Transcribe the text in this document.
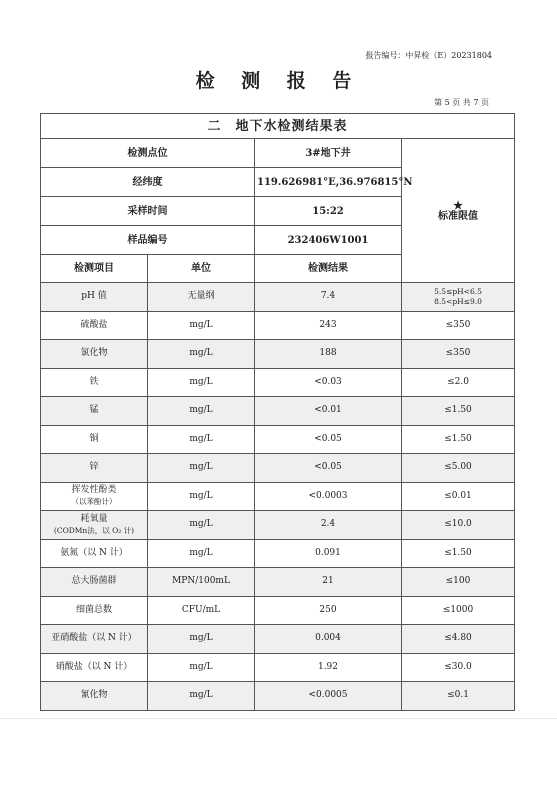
报告编号：中昇检（E）20231804
检 测 报 告
第 5 页 共 7 页
二　地下水检测结果表			
检测点位		3#地下井	★
标准限值
经纬度		119.626981°E,36.976815°N	
采样时间		15:22	
样品编号		232406W1001	
检测项目	单位	检测结果	
pH 值	无量纲	7.4	5.5≤pH<6.5
8.5<pH≤9.0

硫酸盐	mg/L	243	≤350
氯化物	mg/L	188	≤350
铁	mg/L	<0.03	≤2.0
锰	mg/L	<0.01	≤1.50
铜	mg/L	<0.05	≤1.50
锌	mg/L	<0.05	≤5.00
挥发性酚类
（以苯酚计）	mg/L	<0.0003	≤0.01
耗氧量
(CODMn法，以 O₂ 计)	mg/L	2.4	≤10.0
氨氮（以 N 计）	mg/L	0.091	≤1.50
总大肠菌群	MPN/100mL	21	≤100
细菌总数	CFU/mL	250	≤1000
亚硝酸盐（以 N 计）	mg/L	0.004	≤4.80
硝酸盐（以 N 计）	mg/L	1.92	≤30.0
氰化物	mg/L	<0.0005	≤0.1
